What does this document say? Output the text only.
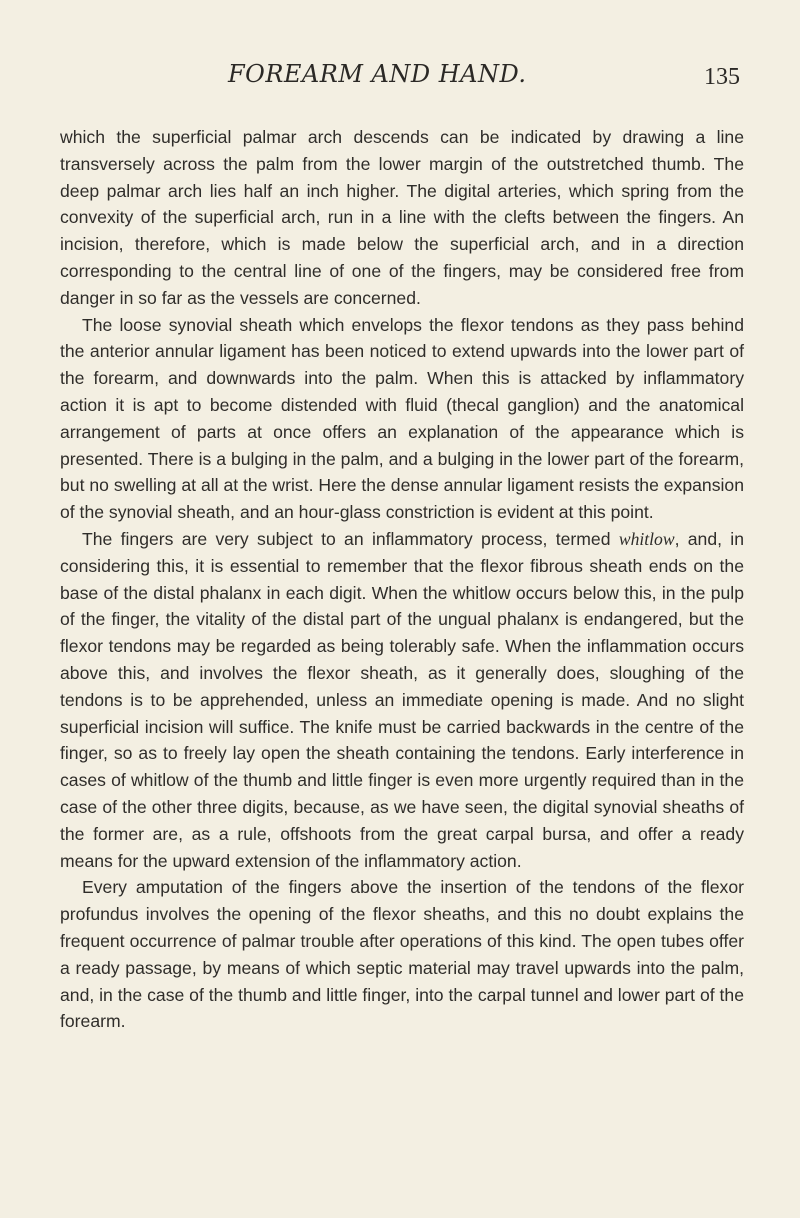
FOREARM AND HAND.	135

which the superficial palmar arch descends can be indicated by drawing a line transversely across the palm from the lower margin of the outstretched thumb. The deep palmar arch lies half an inch higher. The digital arteries, which spring from the convexity of the superficial arch, run in a line with the clefts between the fingers. An incision, therefore, which is made below the superficial arch, and in a direction corresponding to the central line of one of the fingers, may be considered free from danger in so far as the vessels are concerned.

The loose synovial sheath which envelops the flexor tendons as they pass behind the anterior annular ligament has been noticed to extend upwards into the lower part of the forearm, and downwards into the palm. When this is attacked by inflammatory action it is apt to become distended with fluid (thecal ganglion) and the anatomical arrangement of parts at once offers an explanation of the appearance which is presented. There is a bulging in the palm, and a bulging in the lower part of the forearm, but no swelling at all at the wrist. Here the dense annular ligament resists the expansion of the synovial sheath, and an hour-glass constriction is evident at this point.

The fingers are very subject to an inflammatory process, termed whitlow, and, in considering this, it is essential to remember that the flexor fibrous sheath ends on the base of the distal phalanx in each digit. When the whitlow occurs below this, in the pulp of the finger, the vitality of the distal part of the ungual phalanx is endangered, but the flexor tendons may be regarded as being tolerably safe. When the inflammation occurs above this, and involves the flexor sheath, as it generally does, sloughing of the tendons is to be apprehended, unless an immediate opening is made. And no slight superficial incision will suffice. The knife must be carried backwards in the centre of the finger, so as to freely lay open the sheath containing the tendons. Early interference in cases of whitlow of the thumb and little finger is even more urgently required than in the case of the other three digits, because, as we have seen, the digital synovial sheaths of the former are, as a rule, offshoots from the great carpal bursa, and offer a ready means for the upward extension of the inflammatory action.

Every amputation of the fingers above the insertion of the tendons of the flexor profundus involves the opening of the flexor sheaths, and this no doubt explains the frequent occurrence of palmar trouble after operations of this kind. The open tubes offer a ready passage, by means of which septic material may travel upwards into the palm, and, in the case of the thumb and little finger, into the carpal tunnel and lower part of the forearm.
